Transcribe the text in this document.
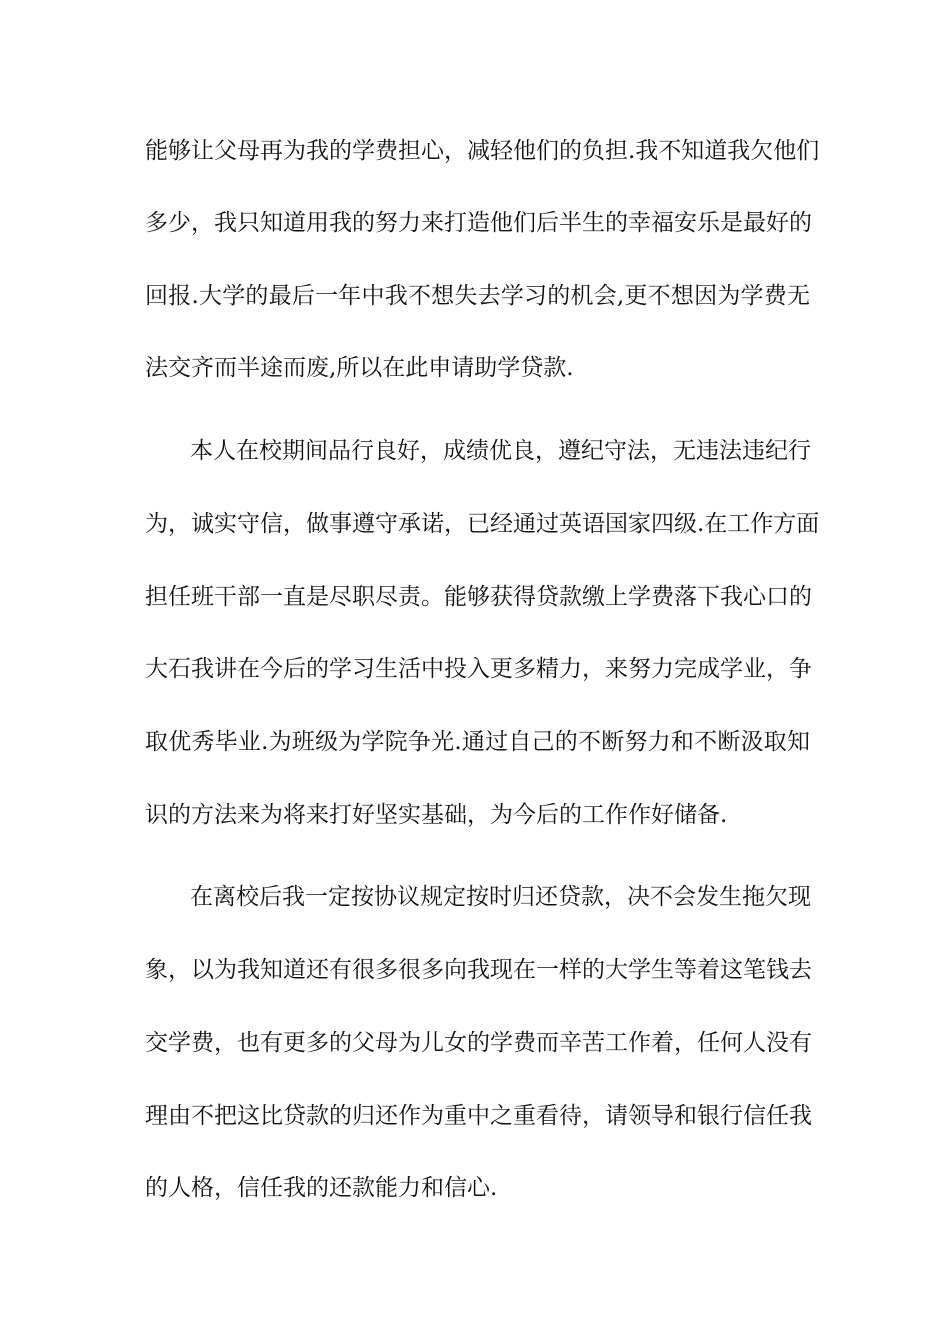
能够让父母再为我的学费担心，减轻他们的负担.我不知道我欠他们
多少，我只知道用我的努力来打造他们后半生的幸福安乐是最好的
回报.大学的最后一年中我不想失去学习的机会,更不想因为学费无
法交齐而半途而废,所以在此申请助学贷款.
本人在校期间品行良好，成绩优良，遵纪守法，无违法违纪行
为，诚实守信，做事遵守承诺，已经通过英语国家四级.在工作方面
担任班干部一直是尽职尽责。能够获得贷款缴上学费落下我心口的
大石我讲在今后的学习生活中投入更多精力，来努力完成学业，争
取优秀毕业.为班级为学院争光.通过自己的不断努力和不断汲取知
识的方法来为将来打好坚实基础，为今后的工作作好储备.
在离校后我一定按协议规定按时归还贷款，决不会发生拖欠现
象，以为我知道还有很多很多向我现在一样的大学生等着这笔钱去
交学费，也有更多的父母为儿女的学费而辛苦工作着，任何人没有
理由不把这比贷款的归还作为重中之重看待，请领导和银行信任我
的人格，信任我的还款能力和信心.
